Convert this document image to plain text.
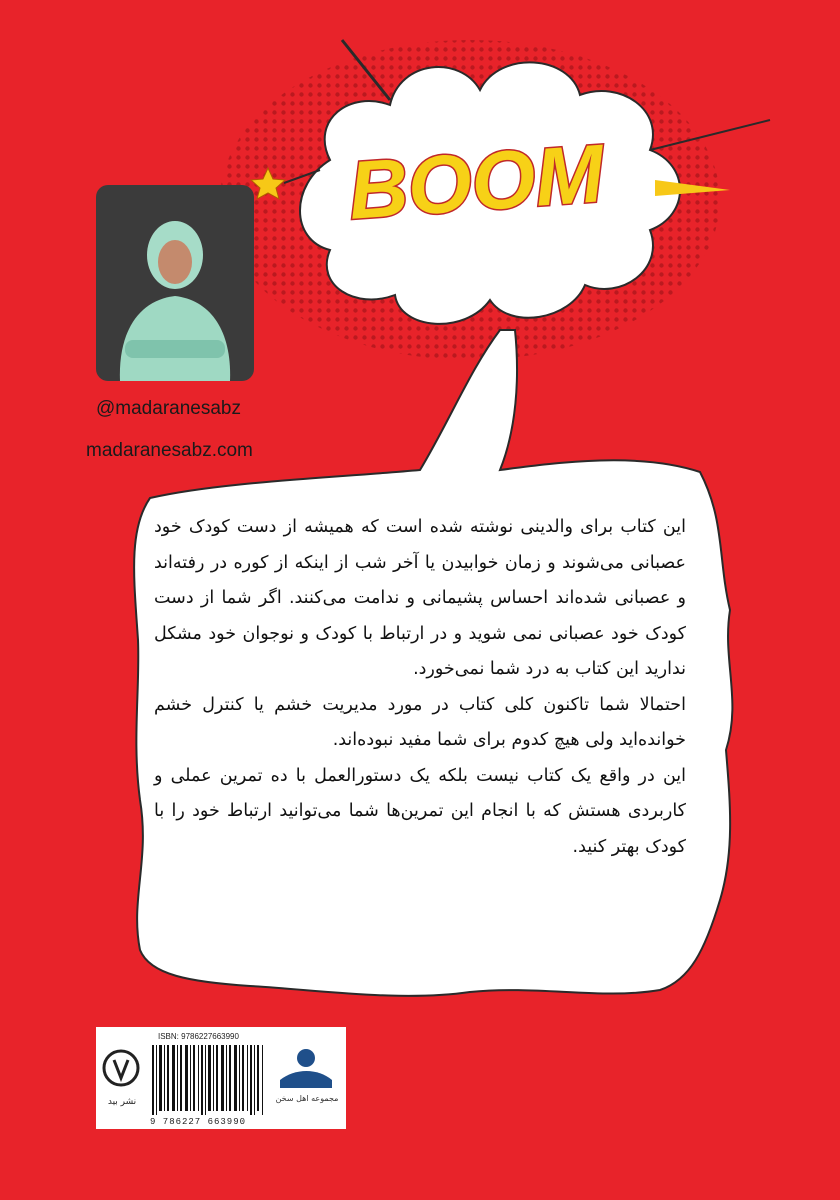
BOOM
@madaranesabz
madaranesabz.com

این کتاب برای والدینی نوشته شده است که همیشه از دست کودک خود عصبانی می‌شوند و زمان خوابیدن یا آخر شب از اینکه از کوره در رفته‌اند و عصبانی شده‌اند احساس پشیمانی و ندامت می‌کنند. اگر شما از دست کودک خود عصبانی نمی شوید و در ارتباط با کودک و نوجوان خود مشکل ندارید این کتاب به درد شما نمی‌خورد.

احتمالا شما تاکنون کلی کتاب در مورد مدیریت خشم یا کنترل خشم خوانده‌اید ولی هیچ کدوم برای شما مفید نبوده‌اند.

این در واقع یک کتاب نیست بلکه یک دستورالعمل با ده تمرین عملی و کاربردی هستش که با انجام این تمرین‌ها شما می‌توانید ارتباط خود را با کودک بهتر کنید.

ISBN: 9786227663990
9 786227 663990
نشر بید	مجموعه اهل سخن
